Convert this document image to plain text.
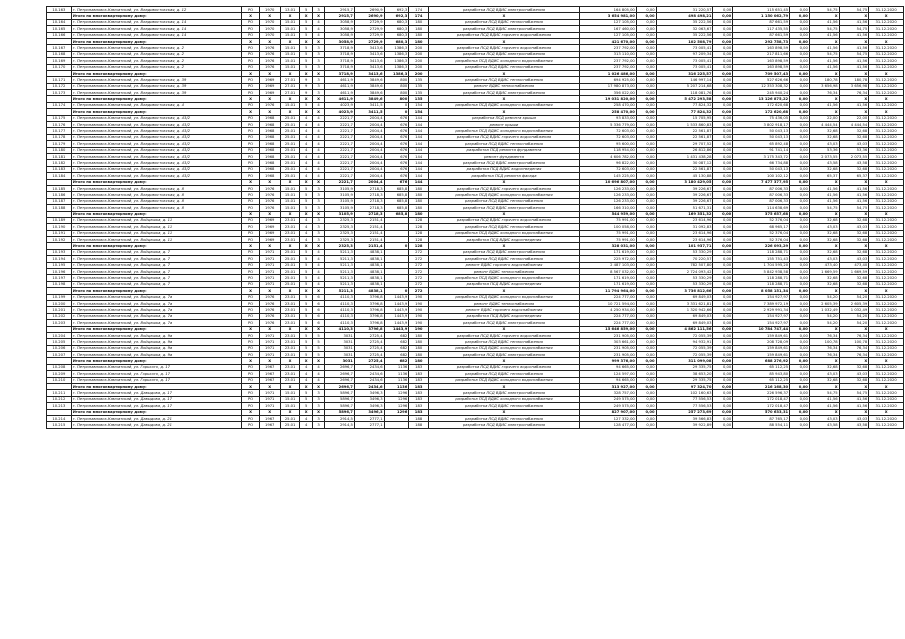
10.163	г. Петропавловск-Камчатский, ул. Владивостокская, д. 12	РО	1970	13.01	5	3	2915,7	2690,9	692,3	174	разработка ПСД ВДИС электроснабжения	164 805,00	0,00	31 220,57	0,00	115 651,45	0,00	54,75	54,75	31.12.2020
	Итого по многоквартирному дому:	X	X	X	X	X	2915,7	2690,9	692,3	174	X	3 654 981,00	0,00	498 498,21	0,00	1 150 062,79	0,00	X	X	X
10.164	г. Петропавловск-Камчатский, ул. Владивостокская, д. 14	РО	1970	15.01	5	4	3058,9	2729,9	680,3	180	разработка ПСД ВДИС теплоснабжения	127 105,00	0,00	35 222,56	0,00	87 661,59	0,00	41,56	41,56	31.12.2020
10.165	г. Петропавловск-Камчатский, ул. Владивостокская, д. 14	РО	1970	15.01	5	4	3058,9	2729,9	680,3	180	разработка ПСД ВДИС электроснабжения	167 460,00	0,00	32 063,67	0,00	117 435,55	0,00	54,75	54,75	31.12.2020
10.166	г. Петропавловск-Камчатский, ул. Владивостокская, д. 14	РО	1970	15.01	5	4	3058,9	2729,9	680,3	180	разработка ПСД ВДИС горячего водоснабжения	127 105,00	0,00	35 222,56	0,00	87 661,59	0,00	41,56	41,56	31.12.2020
	Итого по многоквартирному дому:	X	X	X	X	X	3058,9	2729,9	680,3	180	X	421 670,00	0,00	102 508,79	0,00	292 758,73	0,00	X	X	X
10.167	г. Петропавловск-Камчатский, ул. Владивостокская, д. 2	РО	1976	15.01	5	3	3718,9	3413,6	1386,3	200	разработка ПСД ВДИС горячего водоснабжения	237 792,00	0,00	73 005,41	0,00	163 898,59	0,00	41,56	41,56	31.12.2020
10.168	г. Петропавловск-Камчатский, ул. Владивостокская, д. 2	РО	1976	15.01	5	3	3718,9	3413,6	1386,3	200	разработка ПСД ВДИС электроснабжения	313 110,00	0,00	97 209,34	0,00	217 811,66	0,00	54,75	54,75	31.12.2020
10.169	г. Петропавловск-Камчатский, ул. Владивостокская, д. 2	РО	1976	15.01	5	3	3718,9	3413,6	1386,3	200	разработка ПСД ВДИС холодного водоснабжения	237 792,00	0,00	73 005,41	0,00	163 898,59	0,00	41,56	41,56	31.12.2020
10.170	г. Петропавловск-Камчатский, ул. Владивостокская, д. 2	РО	1976	15.01	5	3	3718,9	3413,6	1386,3	200	разработка ПСД ВДИС теплоснабжения	237 792,00	0,00	73 005,41	0,00	163 898,59	0,00	41,56	41,56	31.12.2020
	Итого по многоквартирному дому:	X	X	X	X	X	3718,9	3413,6	1386,3	200	X	1 026 486,00	0,00	316 225,57	0,00	709 507,43	0,00	X	X	X
10.171	г. Петропавловск-Камчатский, ул. Владивостокская, д. 39	РО	1969	27.01	9	3	4611,9	3849,6	800	135	разработка ПСД ВДИС теплоснабжения	694 925,00	0,00	146 997,14	0,00	527 626,66	0,00	180,78	180,78	31.12.2020
10.172	г. Петропавловск-Камчатский, ул. Владивостокская, д. 39	РО	1969	27.01	9	3	4611,9	3849,6	800	135	ремонт ВДИС теплоснабжения	17 980 873,00	0,00	5 207 214,68	0,00	12 353 308,32	0,00	3 656,98	3 656,98	31.12.2020
10.173	г. Петропавловск-Камчатский, ул. Владивостокская, д. 39	РО	1969	27.01	9	3	4611,9	3849,6	800	135	разработка ПСД ВДИС электроснабжения	356 022,00	0,00	118 081,76	0,00	245 940,24	0,00	76,34	76,34	31.12.2020
	Итого по многоквартирному дому:	X	X	X	X	X	4611,9	3849,6	800	135	X	19 031 820,00	0,00	5 472 293,58	0,00	13 126 875,22	0,00	X	X	X
10.174	г. Петропавловск-Камчатский, ул. Владивостокская, д. 4	РО	1976	15.01	5	4	4023,9	3411,5	0	154	разработка ПСД ВДИС холодного водоснабжения	258 470,00	0,00	77 824,32	0,00	172 620,68	0,00	41,56	41,56	31.12.2020
	Итого по многоквартирному дому:	X	X	X	X	X	4023,9	3411,5	0	154	X	258 470,00	0,00	77 824,32	0,00	172 620,68	0,00	X	X	X
10.175	г. Петропавловск-Камчатский, ул. Владивостокская, д. 43/2	РО	1968	25.01	4	4	2221,7	2004,4	676	144	разработка ПСД ремонта крыши	93 833,00	0,00	15 705,95	0,00	75 436,05	0,00	22,00	22,00	31.12.2020
10.176	г. Петропавловск-Камчатский, ул. Владивостокская, д. 43/2	РО	1968	25.01	4	4	2221,7	2004,4	676	144	ремонт крыши	5 336 779,00	0,00	1 533 860,83	0,00	3 802 918,17	0,00	4 444,54	4 444,54	31.12.2020
10.177	г. Петропавловск-Камчатский, ул. Владивостокская, д. 43/2	РО	1968	25.01	4	4	2221,7	2004,4	676	144	разработка ПСД ВДИС холодного водоснабжения	72 603,00	0,00	22 561,87	0,00	50 043,13	0,00	32,68	32,68	31.12.2020
10.178	г. Петропавловск-Камчатский, ул. Владивостокская, д. 43/2	РО	1968	25.01	4	4	2221,7	2004,4	676	144	разработка ПСД ВДИС горячего водоснабжения	72 603,00	0,00	22 561,87	0,00	50 043,13	0,00	32,68	32,68	31.12.2020
10.179	г. Петропавловск-Камчатский, ул. Владивостокская, д. 43/2	РО	1968	25.01	4	4	2221,7	2004,4	676	144	разработка ПСД ВДИС теплоснабжения	95 600,00	0,00	29 707,52	0,00	65 892,48	0,00	43,03	43,03	31.12.2020
10.180	г. Петропавловск-Камчатский, ул. Владивостокская, д. 43/2	РО	1968	25.01	4	4	2221,7	2004,4	676	144	разработка ПСД ремонта фундамента	118 954,00	0,00	26 812,86	0,00	91 741,14	0,00	53,36	53,36	31.12.2020
10.181	г. Петропавловск-Камчатский, ул. Владивостокская, д. 43/2	РО	1968	25.01	4	4	2221,7	2004,4	676	144	ремонт фундамента	4 606 782,00	0,00	1 431 438,28	0,00	3 175 343,72	0,00	2 073,55	2 073,55	31.12.2020
10.182	г. Петропавловск-Камчатский, ул. Владивостокская, д. 43/2	РО	1968	25.01	4	4	2221,7	2004,4	676	144	разработка ПСД ВДИС электроснабжения	96 822,00	0,00	30 087,12	0,00	66 734,88	0,00	43,58	43,58	31.12.2020
10.183	г. Петропавловск-Камчатский, ул. Владивостокская, д. 43/2	РО	1968	25.01	4	4	2221,7	2004,4	676	144	разработка ПСД ВДИС водоотведения	72 603,00	0,00	22 561,87	0,00	50 043,13	0,00	32,68	32,68	31.12.2020
10.184	г. Петропавловск-Камчатский, ул. Владивостокская, д. 43/2	РО	1968	25.01	4	4	2221,7	2004,4	676	144	разработка ПСД ремонта фасада	145 225,00	0,00	45 130,88	0,00	100 102,12	0,00	65,37	65,37	31.12.2020
	Итого по многоквартирному дому:	X	X	X	X	X	2221,7	2004,4	676	144	X	10 696 807,00	0,00	3 180 429,05	0,00	7 477 377,95	0,00	X	X	X
10.185	г. Петропавловск-Камчатский, ул. Владивостокская, д. 8	РО	1976	15.01	5	3	3105,9	2718,3	685,8	180	разработка ПСД ВДИС горячего водоснабжения	126 233,00	0,00	39 226,67	0,00	87 006,33	0,00	41,56	41,56	31.12.2020
10.186	г. Петропавловск-Камчатский, ул. Владивостокская, д. 8	РО	1976	15.01	5	3	3105,9	2718,3	685,8	180	разработка ПСД ВДИС холодного водоснабжения	126 233,00	0,00	39 226,67	0,00	87 006,33	0,00	41,56	41,56	31.12.2020
10.187	г. Петропавловск-Камчатский, ул. Владивостокская, д. 8	РО	1976	15.01	5	3	3105,9	2718,3	685,8	180	разработка ПСД ВДИС теплоснабжения	126 233,00	0,00	39 226,67	0,00	87 006,33	0,00	41,56	41,56	31.12.2020
10.188	г. Петропавловск-Камчатский, ул. Владивостокская, д. 8	РО	1976	15.01	5	3	3105,9	2718,3	685,8	180	разработка ПСД ВДИС электроснабжения	166 310,00	0,00	51 671,31	0,00	114 638,69	0,00	54,75	54,75	31.12.2020
	Итого по многоквартирному дому:	X	X	X	X	X	3105,9	2718,3	685,8	180	X	544 959,00	0,00	169 351,32	0,00	375 657,68	0,00	X	X	X
10.189	г. Петропавловск-Камчатский, ул. Войцешка, д. 11	РО	1969	23.01	4	3	2325,3	2151,4		128	разработка ПСД ВДИС горячего водоснабжения	75 991,00	0,00	23 614,96	0,00	52 376,04	0,00	32,68	32,68	31.12.2020
10.190	г. Петропавловск-Камчатский, ул. Войцешка, д. 11	РО	1969	23.01	4	3	2325,3	2151,4		128	разработка ПСД ВДИС теплоснабжения	100 058,00	0,00	31 092,83	0,00	68 965,17	0,00	43,03	43,03	31.12.2020
10.191	г. Петропавловск-Камчатский, ул. Войцешка, д. 11	РО	1969	23.01	4	3	2325,3	2151,4		128	разработка ПСД ВДИС холодного водоснабжения	75 991,00	0,00	23 614,96	0,00	52 376,04	0,00	32,68	32,68	31.12.2020
10.192	г. Петропавловск-Камчатский, ул. Войцешка, д. 11	РО	1969	23.01	4	3	2325,3	2151,4		128	разработка ПСД ВДИС водоотведения	75 991,00	0,00	23 614,96	0,00	52 376,04	0,00	32,68	32,68	31.12.2020
	Итого по многоквартирному дому:	X	X	X	X	X	2325,3	2151,4	0	128	X	328 031,00	0,00	101 937,71	0,00	226 093,29	0,00	X	X	X
10.193	г. Петропавловск-Камчатский, ул. Войцешка, д. 7	РО	1971	25.01	5	4	5211,3	4838,1		272	разработка ПСД ВДИС электроснабжения	171 619,00	0,00	53 330,29	0,00	118 288,71	0,00	32,68	32,68	31.12.2020
10.194	г. Петропавловск-Камчатский, ул. Войцешка, д. 7	РО	1971	25.01	5	4	5211,3	4838,1		272	разработка ПСД ВДИС теплоснабжения	225 972,00	0,00	70 220,57	0,00	155 751,43	0,00	43,03	43,03	31.12.2020
10.195	г. Петропавловск-Камчатский, ул. Войцешка, д. 7	РО	1971	25.01	5	4	5211,3	4838,1		272	ремонт ВДИС горячего водоснабжения	2 487 103,00	0,00	782 507,80	0,00	1 704 595,20	0,00	473,40	473,40	31.12.2020
10.196	г. Петропавловск-Камчатский, ул. Войцешка, д. 7	РО	1971	25.01	5	4	5211,3	4838,1		272	ремонт ВДИС теплоснабжения	8 567 032,00	0,00	2 724 093,42	0,00	5 842 938,58	0,00	1 669,59	1 669,59	31.12.2020
10.197	г. Петропавловск-Камчатский, ул. Войцешка, д. 7	РО	1971	25.01	5	4	5211,3	4838,1		272	разработка ПСД ВДИС холодного водоснабжения	171 619,00	0,00	53 330,29	0,00	118 288,71	0,00	32,68	32,68	31.12.2020
10.198	г. Петропавловск-Камчатский, ул. Войцешка, д. 7	РО	1971	25.01	5	4	5211,3	4838,1		272	разработка ПСД ВДИС водоотведения	171 619,00	0,00	53 330,29	0,00	118 288,71	0,00	32,68	32,68	31.12.2020
	Итого по многоквартирному дому:	X	X	X	X	X	5211,3	4838,1	0	272	X	11 794 964,00	0,00	3 736 812,66	0,00	8 058 151,34	0,00	X	X	X
10.199	г. Петропавловск-Камчатский, ул. Войцешка, д. 7а	РО	1976	23.01	5	6	4110,3	3796,8	1443,9	190	разработка ПСД ВДИС холодного водоснабжения	224 777,00	0,00	69 849,03	0,00	154 927,97	0,00	54,20	54,20	31.12.2020
10.200	г. Петропавловск-Камчатский, ул. Войцешка, д. 7а	РО	1976	23.01	5	6	4110,3	3796,8	1443,9	190	ремонт ВДИС теплоснабжения	10 721 594,00	0,00	3 331 621,81	0,00	7 389 972,19	0,00	2 605,39	2 605,39	31.12.2020
10.201	г. Петропавловск-Камчатский, ул. Войцешка, д. 7а	РО	1976	23.01	5	6	4110,3	3796,8	1443,9	190	ремонт ВДИС горячего водоснабжения	4 250 934,00	0,00	1 320 942,66	0,00	2 929 991,34	0,00	1 032,49	1 032,49	31.12.2020
10.202	г. Петропавловск-Камчатский, ул. Войцешка, д. 7а	РО	1976	23.01	5	6	4110,3	3796,8	1443,9	190	разработка ПСД ВДИС водоотведения	224 777,00	0,00	69 849,03	0,00	154 927,97	0,00	54,20	54,20	31.12.2020
10.203	г. Петропавловск-Камчатский, ул. Войцешка, д. 7а	РО	1976	23.01	5	6	4110,3	3796,8	1443,9	190	разработка ПСД ВДИС электроснабжения	224 777,00	0,00	69 849,03	0,00	154 927,97	0,00	54,20	54,20	31.12.2020
	Итого по многоквартирному дому:	X	X	X	X	X	4110,3	3796,8	1443,9	190	X	15 646 859,00	0,00	4 862 111,56	0,00	10 784 747,44	0,00	X	X	X
10.204	г. Петропавловск-Камчатский, ул. Войцешка, д. 9а	РО	1971	23.01	5	5	3031	2725,4	682	180	разработка ПСД ВДИС горячего водоснабжения	231 905,00	0,00	72 055,39	0,00	159 849,61	0,00	76,34	76,34	31.12.2020
10.205	г. Петропавловск-Камчатский, ул. Войцешка, д. 9а	РО	1971	23.01	5	5	3031	2725,4	682	180	разработка ПСД ВДИС теплоснабжения	303 661,00	0,00	94 932,91	0,00	208 728,09	0,00	100,78	100,78	31.12.2020
10.206	г. Петропавловск-Камчатский, ул. Войцешка, д. 9а	РО	1971	23.01	5	5	3031	2725,4	682	180	разработка ПСД ВДИС холодного водоснабжения	231 905,00	0,00	72 055,39	0,00	159 849,61	0,00	76,34	76,34	31.12.2020
10.207	г. Петропавловск-Камчатский, ул. Войцешка, д. 9а	РО	1971	23.01	5	5	3031	2725,4	682	180	разработка ПСД ВДИС электроснабжения	231 905,00	0,00	72 055,39	0,00	159 849,61	0,00	76,34	76,34	31.12.2020
	Итого по многоквартирному дому:	X	X	X	X	X	3031	2725,4	682	180	X	999 376,00	0,00	311 099,08	0,00	688 276,92	0,00	X	X	X
10.208	г. Петропавловск-Камчатский, ул. Горького, д. 17	РО	1967	23.01	4	4	2696,7	2434,6	1136	183	разработка ПСД ВДИС горячего водоснабжения	94 665,00	0,00	29 335,75	0,00	65 112,25	0,00	32,68	32,68	31.12.2020
10.209	г. Петропавловск-Камчатский, ул. Горького, д. 17	РО	1967	23.01	4	4	2696,7	2434,6	1136	183	разработка ПСД ВДИС теплоснабжения	124 597,00	0,00	38 653,20	0,00	85 943,80	0,00	43,03	43,03	31.12.2020
10.210	г. Петропавловск-Камчатский, ул. Горького, д. 17	РО	1967	23.01	4	4	2696,7	2434,6	1136	183	разработка ПСД ВДИС холодного водоснабжения	94 665,00	0,00	29 335,75	0,00	65 112,25	0,00	32,68	32,68	31.12.2020
	Итого по многоквартирному дому:	X	X	X	X	X	2696,7	2434,6	1136	183	X	313 927,00	0,00	97 324,70	0,00	216 168,30	0,00	X	X	X
10.211	г. Петропавловск-Камчатский, ул. Давыдова, д. 17	РО	1971	15.01	5	3	5896,7	3496,3	1296	183	разработка ПСД ВДИС электроснабжения	328 757,00	0,00	102 160,63	0,00	226 596,37	0,00	54,75	54,75	31.12.2020
10.212	г. Петропавловск-Камчатский, ул. Давыдова, д. 17	РО	1971	15.01	5	3	5896,7	3496,3	1296	183	разработка ПСД ВДИС холодного водоснабжения	249 575,00	0,00	77 556,53	0,00	172 018,47	0,00	41,56	41,56	31.12.2020
10.213	г. Петропавловск-Камчатский, ул. Давыдова, д. 17	РО	1971	15.01	5	3	5896,7	3496,3	1296	183	разработка ПСД ВДИС теплоснабжения	249 575,00	0,00	77 556,53	0,00	172 018,47	0,00	41,56	41,56	31.12.2020
	Итого по многоквартирному дому:	X	X	X	X	X	5896,7	3496,3	1296	183	X	827 907,00	0,00	257 273,69	0,00	570 633,31	0,00	X	X	X
10.214	г. Петропавловск-Камчатский, ул. Давыдова, д. 21	РО	1967	25.01	4	3	2914,5	2777,1		188	разработка ПСД ВДИС теплоснабжения	127 332,00	0,00	39 566,83	0,00	87 765,17	0,00	43,03	43,03	31.12.2020
10.215	г. Петропавловск-Камчатский, ул. Давыдова, д. 21	РО	1967	25.01	4	3	2914,5	2777,1		188	разработка ПСД ВДИС электроснабжения	128 477,00	0,00	39 922,89	0,00	88 554,11	0,00	43,58	43,58	31.12.2020
